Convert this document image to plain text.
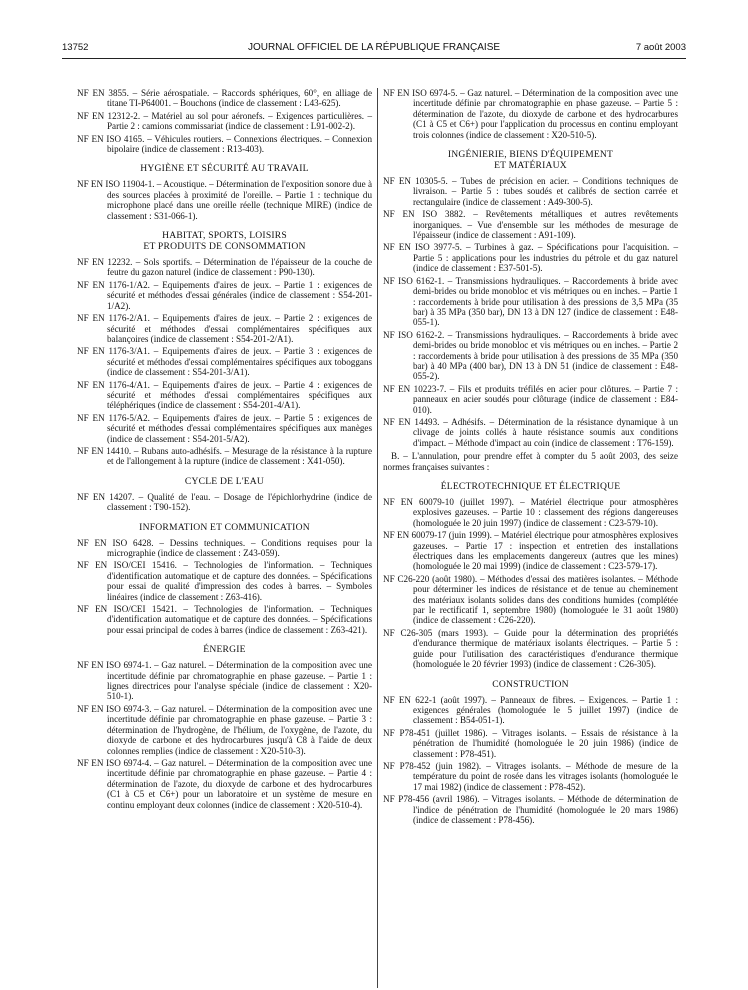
13752	JOURNAL OFFICIEL DE LA RÉPUBLIQUE FRANÇAISE	7 août 2003

NF EN 3855. – Série aérospatiale. – Raccords sphériques, 60°, en alliage de titane TI-P64001. – Bouchons (indice de classement : L43-625).

NF EN 12312-2. – Matériel au sol pour aéronefs. – Exigences particulières. – Partie 2 : camions commissariat (indice de classement : L91-002-2).

NF EN ISO 4165. – Véhicules routiers. – Connexions électriques. – Connexion bipolaire (indice de classement : R13-403).

HYGIÈNE ET SÉCURITÉ AU TRAVAIL

NF EN ISO 11904-1. – Acoustique. – Détermination de l'exposition sonore due à des sources placées à proximité de l'oreille. – Partie 1 : technique du microphone placé dans une oreille réelle (technique MIRE) (indice de classement : S31-066-1).

HABITAT, SPORTS, LOISIRS
ET PRODUITS DE CONSOMMATION

NF EN 12232. – Sols sportifs. – Détermination de l'épaisseur de la couche de feutre du gazon naturel (indice de classement : P90-130).

NF EN 1176-1/A2. – Equipements d'aires de jeux. – Partie 1 : exigences de sécurité et méthodes d'essai générales (indice de classement : S54-201-1/A2).

NF EN 1176-2/A1. – Equipements d'aires de jeux. – Partie 2 : exigences de sécurité et méthodes d'essai complémentaires spécifiques aux balançoires (indice de classement : S54-201-2/A1).

NF EN 1176-3/A1. – Equipements d'aires de jeux. – Partie 3 : exigences de sécurité et méthodes d'essai complémentaires spécifiques aux toboggans (indice de classement : S54-201-3/A1).

NF EN 1176-4/A1. – Equipements d'aires de jeux. – Partie 4 : exigences de sécurité et méthodes d'essai complémentaires spécifiques aux téléphériques (indice de classement : S54-201-4/A1).

NF EN 1176-5/A2. – Equipements d'aires de jeux. – Partie 5 : exigences de sécurité et méthodes d'essai complémentaires spécifiques aux manèges (indice de classement : S54-201-5/A2).

NF EN 14410. – Rubans auto-adhésifs. – Mesurage de la résistance à la rupture et de l'allongement à la rupture (indice de classement : X41-050).

CYCLE DE L'EAU

NF EN 14207. – Qualité de l'eau. – Dosage de l'épichlorhydrine (indice de classement : T90-152).

INFORMATION ET COMMUNICATION

NF EN ISO 6428. – Dessins techniques. – Conditions requises pour la micrographie (indice de classement : Z43-059).

NF EN ISO/CEI 15416. – Technologies de l'information. – Techniques d'identification automatique et de capture des données. – Spécifications pour essai de qualité d'impression des codes à barres. – Symboles linéaires (indice de classement : Z63-416).

NF EN ISO/CEI 15421. – Technologies de l'information. – Techniques d'identification automatique et de capture des données. – Spécifications pour essai principal de codes à barres (indice de classement : Z63-421).

ÉNERGIE

NF EN ISO 6974-1. – Gaz naturel. – Détermination de la composition avec une incertitude définie par chromatographie en phase gazeuse. – Partie 1 : lignes directrices pour l'analyse spéciale (indice de classement : X20-510-1).

NF EN ISO 6974-3. – Gaz naturel. – Détermination de la composition avec une incertitude définie par chromatographie en phase gazeuse. – Partie 3 : détermination de l'hydrogène, de l'hélium, de l'oxygène, de l'azote, du dioxyde de carbone et des hydrocarbures jusqu'à C8 à l'aide de deux colonnes remplies (indice de classement : X20-510-3).

NF EN ISO 6974-4. – Gaz naturel. – Détermination de la composition avec une incertitude définie par chromatographie en phase gazeuse. – Partie 4 : détermination de l'azote, du dioxyde de carbone et des hydrocarbures (C1 à C5 et C6+) pour un laboratoire et un système de mesure en continu employant deux colonnes (indice de classement : X20-510-4).

NF EN ISO 6974-5. – Gaz naturel. – Détermination de la composition avec une incertitude définie par chromatographie en phase gazeuse. – Partie 5 : détermination de l'azote, du dioxyde de carbone et des hydrocarbures (C1 à C5 et C6+) pour l'application du processus en continu employant trois colonnes (indice de classement : X20-510-5).

INGÉNIERIE, BIENS D'ÉQUIPEMENT
ET MATÉRIAUX

NF EN 10305-5. – Tubes de précision en acier. – Conditions techniques de livraison. – Partie 5 : tubes soudés et calibrés de section carrée et rectangulaire (indice de classement : A49-300-5).

NF EN ISO 3882. – Revêtements métalliques et autres revêtements inorganiques. – Vue d'ensemble sur les méthodes de mesurage de l'épaisseur (indice de classement : A91-109).

NF EN ISO 3977-5. – Turbines à gaz. – Spécifications pour l'acquisition. – Partie 5 : applications pour les industries du pétrole et du gaz naturel (indice de classement : E37-501-5).

NF ISO 6162-1. – Transmissions hydrauliques. – Raccordements à bride avec demi-brides ou bride monobloc et vis métriques ou en inches. – Partie 1 : raccordements à bride pour utilisation à des pressions de 3,5 MPa (35 bar) à 35 MPa (350 bar), DN 13 à DN 127 (indice de classement : E48-055-1).

NF ISO 6162-2. – Transmissions hydrauliques. – Raccordements à bride avec demi-brides ou bride monobloc et vis métriques ou en inches. – Partie 2 : raccordements à bride pour utilisation à des pressions de 35 MPa (350 bar) à 40 MPa (400 bar), DN 13 à DN 51 (indice de classement : E48-055-2).

NF EN 10223-7. – Fils et produits tréfilés en acier pour clôtures. – Partie 7 : panneaux en acier soudés pour clôturage (indice de classement : E84-010).

NF EN 14493. – Adhésifs. – Détermination de la résistance dynamique à un clivage de joints collés à haute résistance soumis aux conditions d'impact. – Méthode d'impact au coin (indice de classement : T76-159).

B. – L'annulation, pour prendre effet à compter du 5 août 2003, des seize normes françaises suivantes :

ÉLECTROTECHNIQUE ET ÉLECTRIQUE

NF EN 60079-10 (juillet 1997). – Matériel électrique pour atmosphères explosives gazeuses. – Partie 10 : classement des régions dangereuses (homologuée le 20 juin 1997) (indice de classement : C23-579-10).

NF EN 60079-17 (juin 1999). – Matériel électrique pour atmosphères explosives gazeuses. – Partie 17 : inspection et entretien des installations électriques dans les emplacements dangereux (autres que les mines) (homologuée le 20 mai 1999) (indice de classement : C23-579-17).

NF C26-220 (août 1980). – Méthodes d'essai des matières isolantes. – Méthode pour déterminer les indices de résistance et de tenue au cheminement des matériaux isolants solides dans des conditions humides (complétée par le rectificatif 1, septembre 1980) (homologuée le 31 août 1980) (indice de classement : C26-220).

NF C26-305 (mars 1993). – Guide pour la détermination des propriétés d'endurance thermique de matériaux isolants électriques. – Partie 5 : guide pour l'utilisation des caractéristiques d'endurance thermique (homologuée le 20 février 1993) (indice de classement : C26-305).

CONSTRUCTION

NF EN 622-1 (août 1997). – Panneaux de fibres. – Exigences. – Partie 1 : exigences générales (homologuée le 5 juillet 1997) (indice de classement : B54-051-1).

NF P78-451 (juillet 1986). – Vitrages isolants. – Essais de résistance à la pénétration de l'humidité (homologuée le 20 juin 1986) (indice de classement : P78-451).

NF P78-452 (juin 1982). – Vitrages isolants. – Méthode de mesure de la température du point de rosée dans les vitrages isolants (homologuée le 17 mai 1982) (indice de classement : P78-452).

NF P78-456 (avril 1986). – Vitrages isolants. – Méthode de détermination de l'indice de pénétration de l'humidité (homologuée le 20 mars 1986) (indice de classement : P78-456).
